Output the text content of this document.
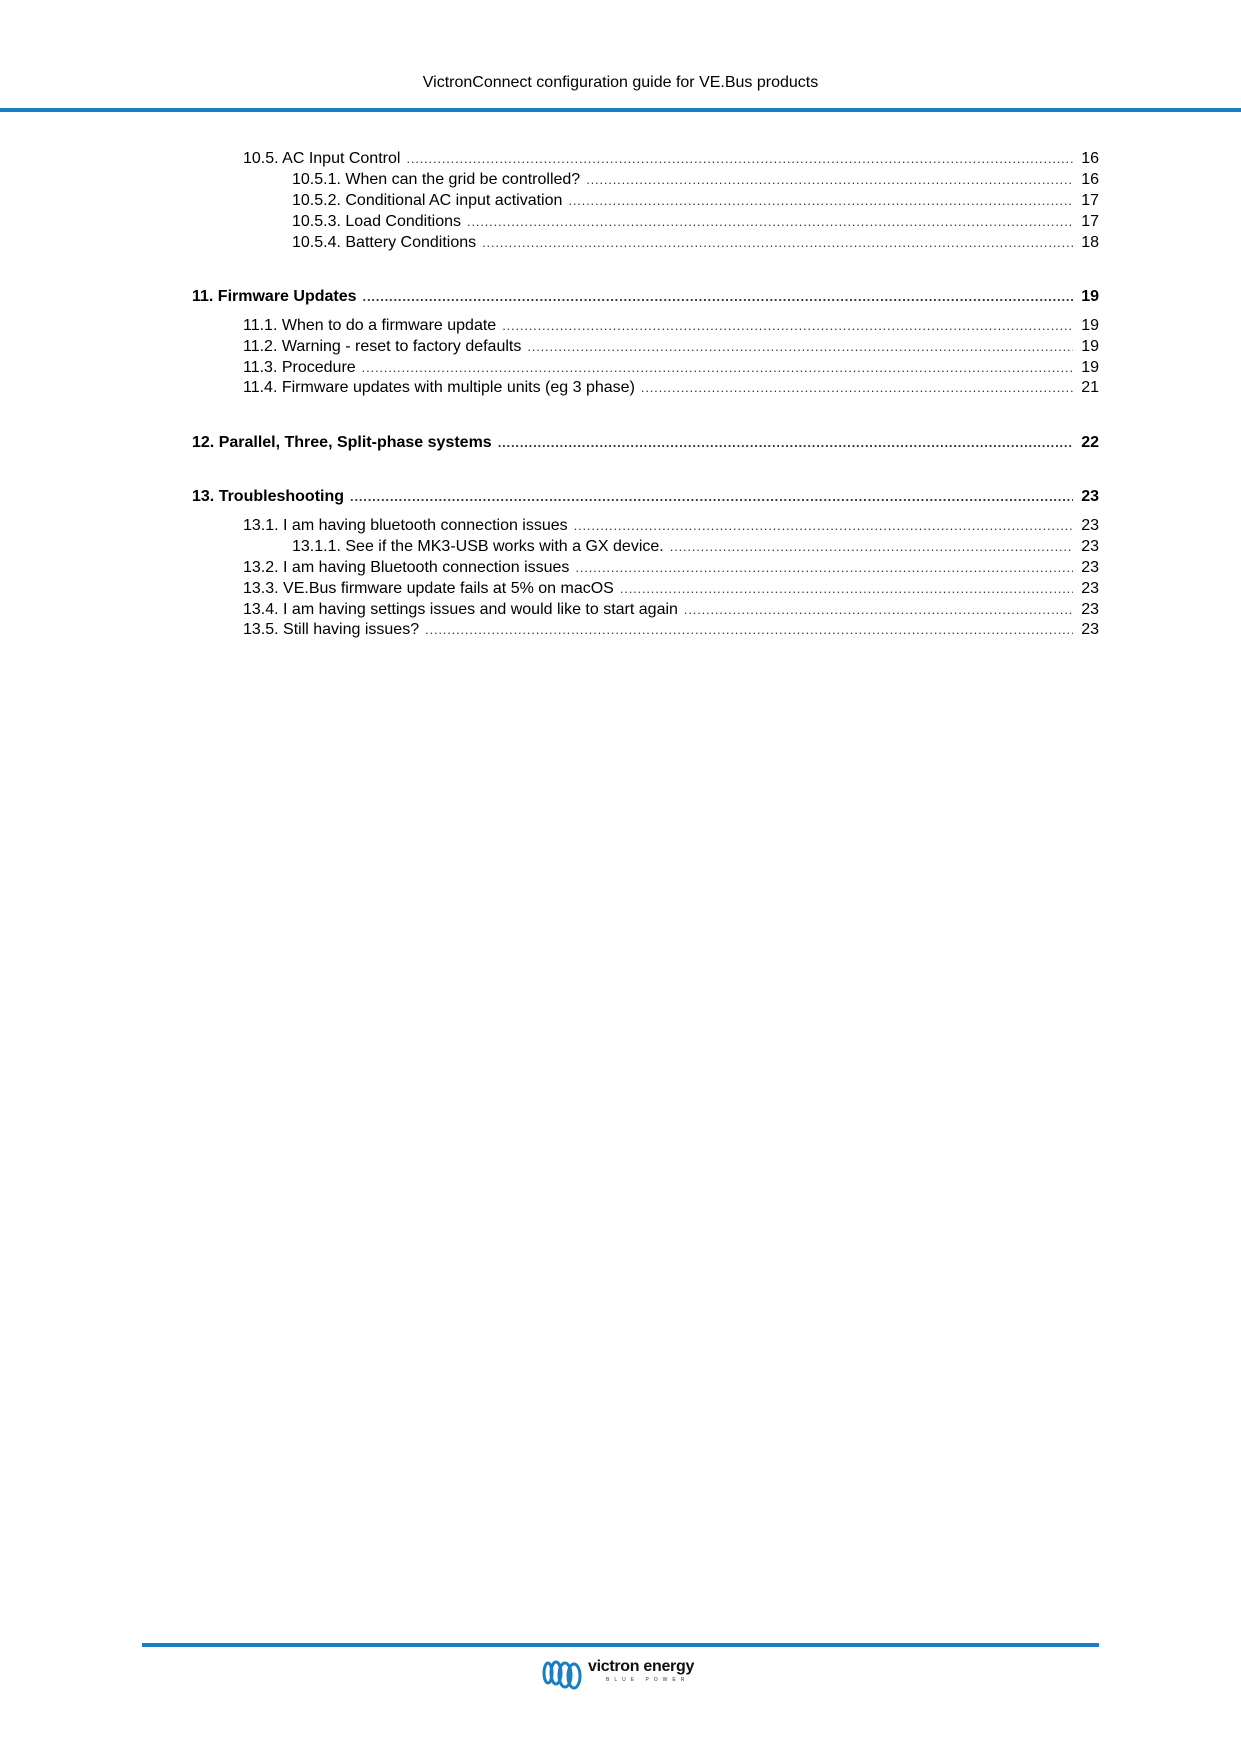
VictronConnect configuration guide for VE.Bus products
10.5. AC Input Control . . .	16
10.5.1. When can the grid be controlled? . . .	16
10.5.2. Conditional AC input activation . . .	17
10.5.3. Load Conditions . . .	17
10.5.4. Battery Conditions . . .	18
11. Firmware Updates . . .	19
11.1. When to do a firmware update . . .	19
11.2. Warning - reset to factory defaults . . .	19
11.3. Procedure . . .	19
11.4. Firmware updates with multiple units (eg 3 phase) . . .	21
12. Parallel, Three, Split-phase systems . . .	22
13. Troubleshooting . . .	23
13.1. I am having bluetooth connection issues . . .	23
13.1.1. See if the MK3-USB works with a GX device. . . .	23
13.2. I am having Bluetooth connection issues . . .	23
13.3. VE.Bus firmware update fails at 5% on macOS . . .	23
13.4. I am having settings issues and would like to start again . . .	23
13.5. Still having issues? . . .	23
victron energy
BLUE POWER
